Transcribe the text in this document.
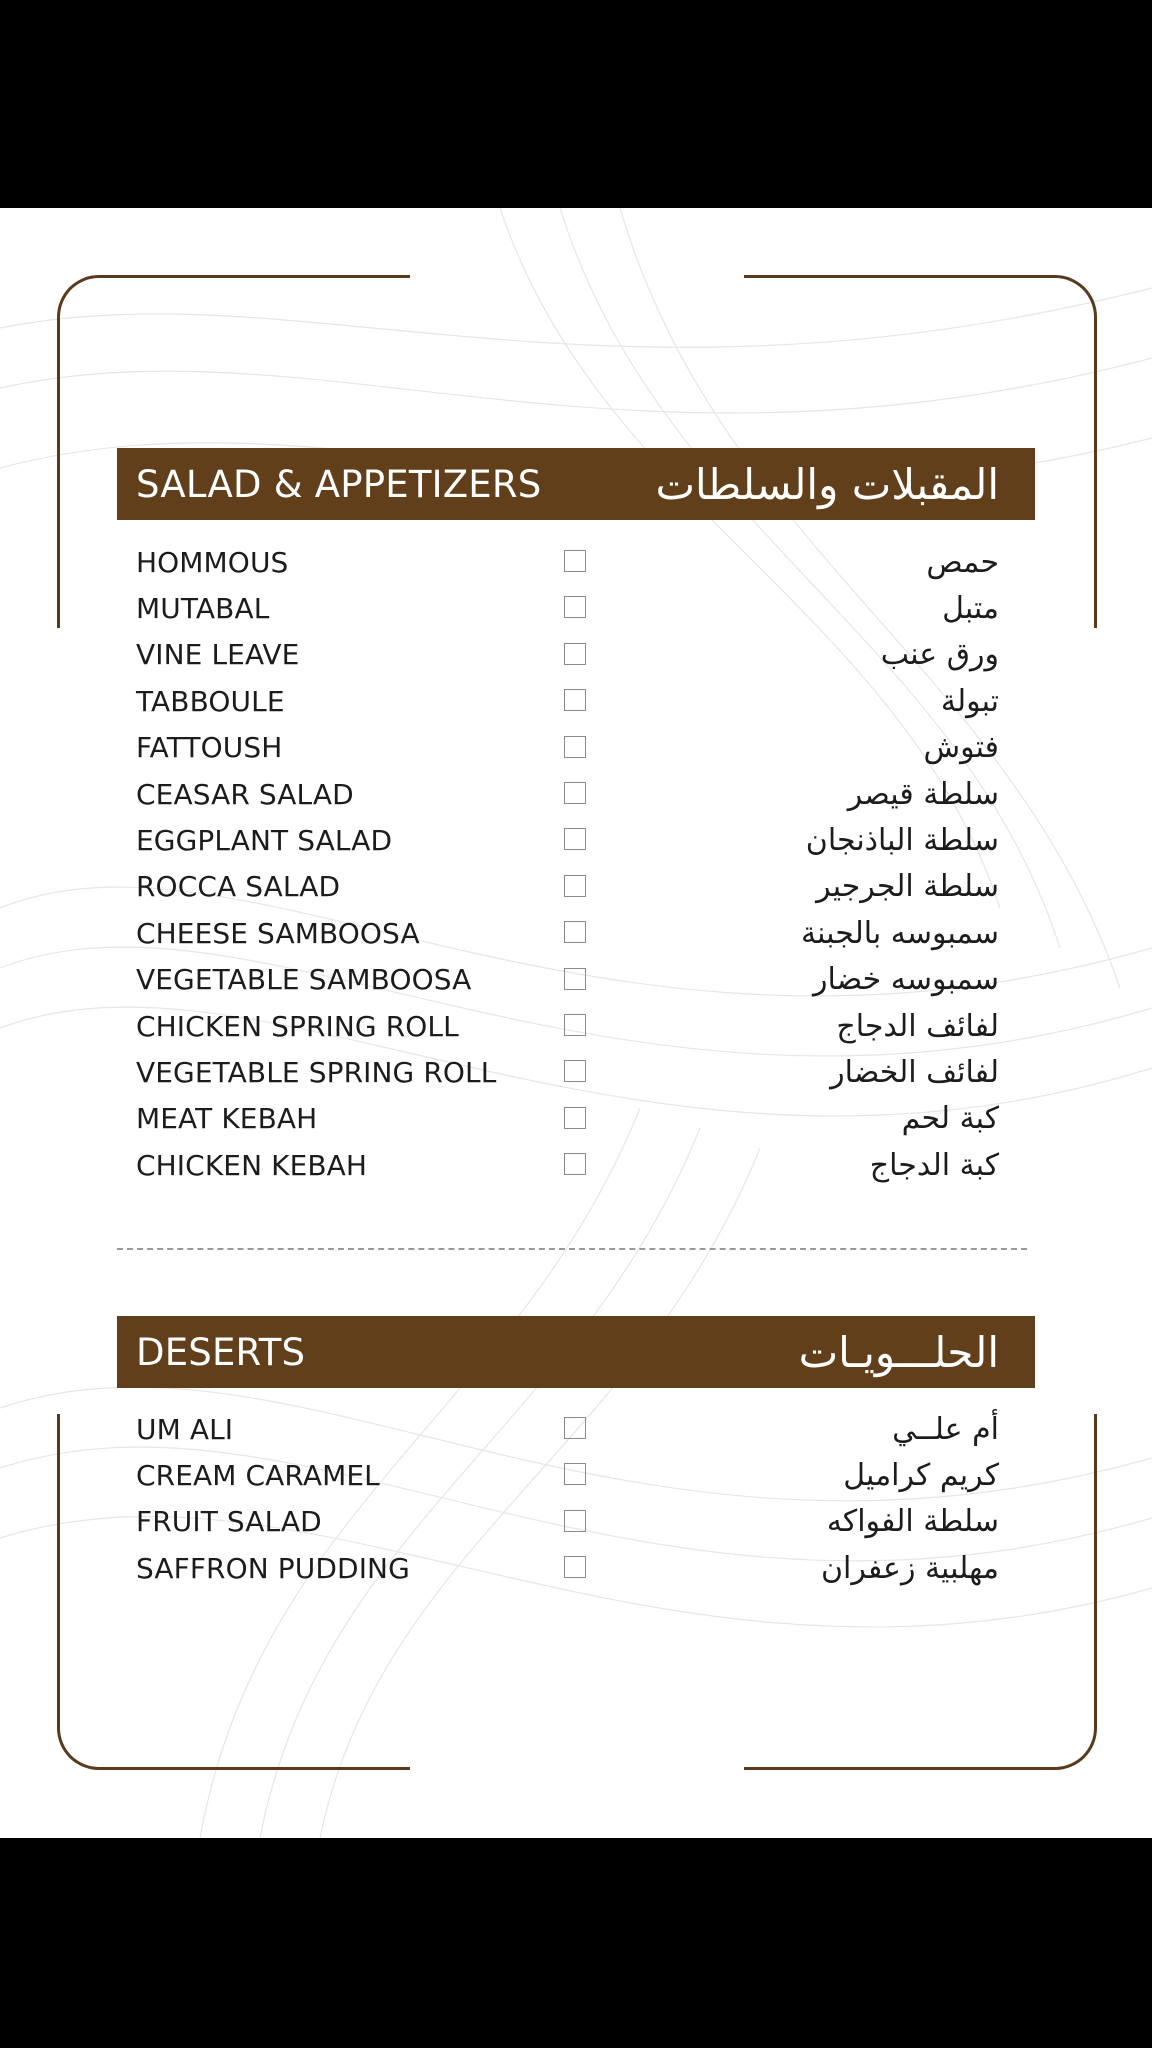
SALAD & APPETIZERS	المقبلات والسلطات
HOMMOUS	حمص
MUTABAL	متبل
VINE LEAVE	ورق عنب
TABBOULE	تبولة
FATTOUSH	فتوش
CEASAR SALAD	سلطة قيصر
EGGPLANT SALAD	سلطة الباذنجان
ROCCA SALAD	سلطة الجرجير
CHEESE SAMBOOSA	سمبوسه بالجبنة
VEGETABLE SAMBOOSA	سمبوسه خضار
CHICKEN SPRING ROLL	لفائف الدجاج
VEGETABLE SPRING ROLL	لفائف الخضار
MEAT KEBAH	كبة لحم
CHICKEN KEBAH	كبة الدجاج
DESERTS	الحلـــويـات
UM ALI	أم علــي
CREAM CARAMEL	كريم كراميل
FRUIT SALAD	سلطة الفواكه
SAFFRON PUDDING	مهلبية زعفران
